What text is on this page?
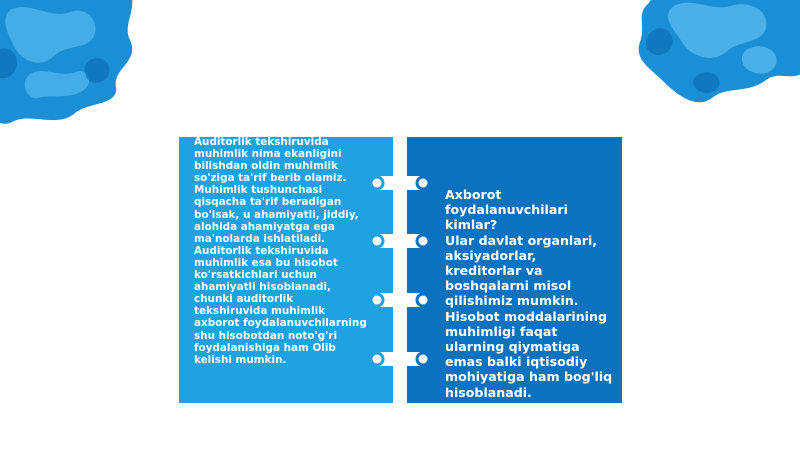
Auditorlik tekshiruvida
muhimlik nima ekanligini
bilishdan oldin muhimlik
so'ziga ta'rif berib olamiz.
Muhimlik tushunchasi
qisqacha ta'rif beradigan
bo'lsak, u ahamiyatli, jiddiy,
alohida ahamiyatga ega
ma'nolarda ishlatiladi.
Auditorlik tekshiruvida
muhimlik esa bu hisobot
ko'rsatkichlari uchun
ahamiyatli hisoblanadi,
chunki auditorlik
tekshiruvida muhimlik
axborot foydalanuvchilarning
shu hisobotdan noto'g'ri
foydalanishiga ham Olib
kelishi mumkin.
Axborot
foydalanuvchilari
kimlar?
Ular davlat organlari,
aksiyadorlar,
kreditorlar va
boshqalarni misol
qilishimiz mumkin.
Hisobot moddalarining
muhimligi faqat
ularning qiymatiga
emas balki iqtisodiy
mohiyatiga ham bog'liq
hisoblanadi.
